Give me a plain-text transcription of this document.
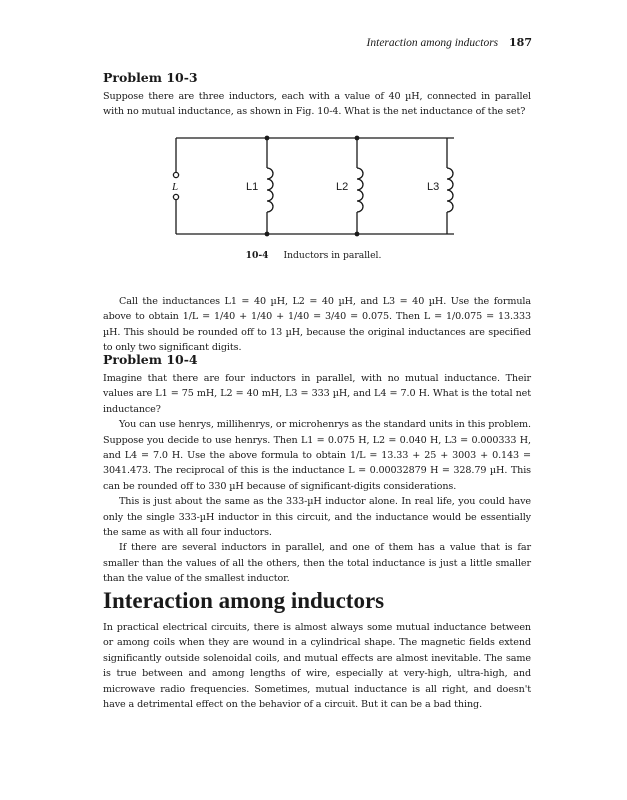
Interaction among inductors 187
Problem 10-3

Suppose there are three inductors, each with a value of 40 µH, connected in parallel with no mutual inductance, as shown in Fig. 10-4. What is the net inductance of the set?

L	L1	L2	L3
10-4 Inductors in parallel.

Call the inductances L1 = 40 µH, L2 = 40 µH, and L3 = 40 µH. Use the formula above to obtain 1/L = 1/40 + 1/40 + 1/40 = 3/40 = 0.075. Then L = 1/0.075 = 13.333 µH. This should be rounded off to 13 µH, because the original inductances are specified to only two significant digits.

Problem 10-4

Imagine that there are four inductors in parallel, with no mutual inductance. Their values are L1 = 75 mH, L2 = 40 mH, L3 = 333 µH, and L4 = 7.0 H. What is the total net inductance?

You can use henrys, millihenrys, or microhenrys as the standard units in this problem. Suppose you decide to use henrys. Then L1 = 0.075 H, L2 = 0.040 H, L3 = 0.000333 H, and L4 = 7.0 H. Use the above formula to obtain 1/L = 13.33 + 25 + 3003 + 0.143 = 3041.473. The reciprocal of this is the inductance L = 0.00032879 H = 328.79 µH. This can be rounded off to 330 µH because of significant-digits considerations.

This is just about the same as the 333-µH inductor alone. In real life, you could have only the single 333-µH inductor in this circuit, and the inductance would be essentially the same as with all four inductors.

If there are several inductors in parallel, and one of them has a value that is far smaller than the values of all the others, then the total inductance is just a little smaller than the value of the smallest inductor.

Interaction among inductors

In practical electrical circuits, there is almost always some mutual inductance between or among coils when they are wound in a cylindrical shape. The magnetic fields extend significantly outside solenoidal coils, and mutual effects are almost inevitable. The same is true between and among lengths of wire, especially at very-high, ultra-high, and microwave radio frequencies. Sometimes, mutual inductance is all right, and doesn't have a detrimental effect on the behavior of a circuit. But it can be a bad thing.
